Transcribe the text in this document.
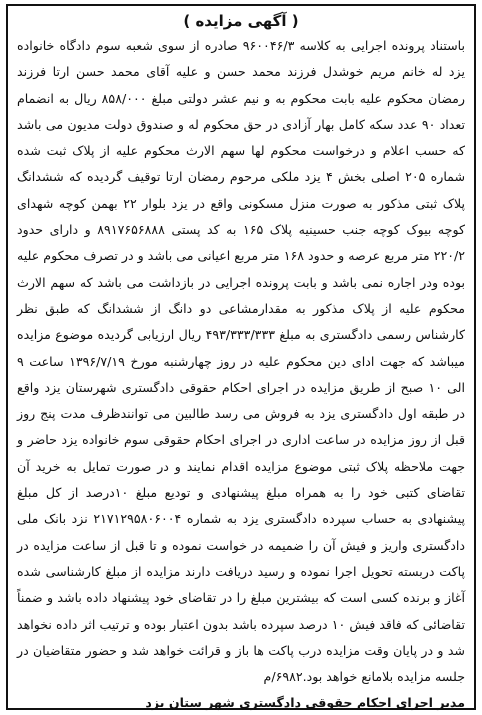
( آگهی مزایده )

باستناد پرونده اجرایی به کلاسه ۹۶۰۰۴۶/۳ صادره از سوی شعبه سوم دادگاه خانواده یزد له خانم مریم خوشدل فرزند محمد حسن و علیه آقای محمد حسن ارتا فرزند رمضان محکوم علیه بابت محکوم به و نیم عشر دولتی مبلغ ۸۵۸/۰۰۰ ریال به انضمام تعداد ۹۰ عدد سکه کامل بهار آزادی در حق محکوم له و صندوق دولت مدیون می باشد که حسب اعلام و درخواست محکوم لها سهم الارث محکوم علیه از پلاک ثبت شده شماره ۲۰۵ اصلی بخش ۴ یزد ملکی مرحوم رمضان ارتا توقیف گردیده که ششدانگ پلاک ثبتی مذکور به صورت منزل مسکونی واقع در یزد بلوار ۲۲ بهمن کوچه شهدای کوچه بیوک کوچه جنب حسینیه پلاک ۱۶۵ به کد پستی ۸۹۱۷۶۵۶۸۸۸ و دارای حدود ۲۲۰/۲ متر مربع عرصه و حدود ۱۶۸ متر مربع اعیانی می باشد و در تصرف محکوم علیه بوده ودر اجاره نمی باشد و بابت پرونده اجرایی در بازداشت می باشد که سهم الارث محکوم علیه از پلاک مذکور به مقدارمشاعی دو دانگ از ششدانگ که طبق نظر کارشناس رسمی دادگستری به مبلغ ۴۹۳/۳۳۳/۳۳۳ ریال ارزیابی گردیده موضوع مزایده میباشد که جهت ادای دین محکوم علیه در روز چهارشنبه مورخ ۱۳۹۶/۷/۱۹ ساعت ۹ الی ۱۰ صبح از طریق مزایده در اجرای احکام حقوقی دادگستری شهرستان یزد واقع در طبقه اول دادگستری یزد به فروش می رسد طالبین می توانندظرف مدت پنج روز قبل از روز مزایده در ساعت اداری در اجرای احکام حقوقی سوم خانواده یزد حاضر و جهت ملاحظه پلاک ثبتی موضوع مزایده اقدام نمایند و در صورت تمایل به خرید آن تقاضای کتبی خود را به همراه مبلغ پیشنهادی و تودیع مبلغ ۱۰درصد از کل مبلغ پیشنهادی به حساب سپرده دادگستری یزد به شماره ۲۱۷۱۲۹۵۸۰۶۰۰۴ نزد بانک ملی دادگستری واریز و فیش آن را ضمیمه در خواست نموده و تا قبل از ساعت مزایده در پاکت دربسته تحویل اجرا نموده و رسید دریافت دارند مزایده از مبلغ کارشناسی شده آغاز و برنده کسی است که بیشترین مبلغ را در تقاضای خود پیشنهاد داده باشد و ضمناً تقاضائی که فاقد فیش ۱۰ درصد سپرده باشد بدون اعتبار بوده و ترتیب اثر داده نخواهد شد و در پایان وقت مزایده درب پاکت ها باز و قرائت خواهد شد و حضور متقاضیان در جلسه مزایده بلامانع خواهد بود.۶۹۸۲/م

مدیر اجرای احکام حقوقی دادگستری شهر ستان یزد
